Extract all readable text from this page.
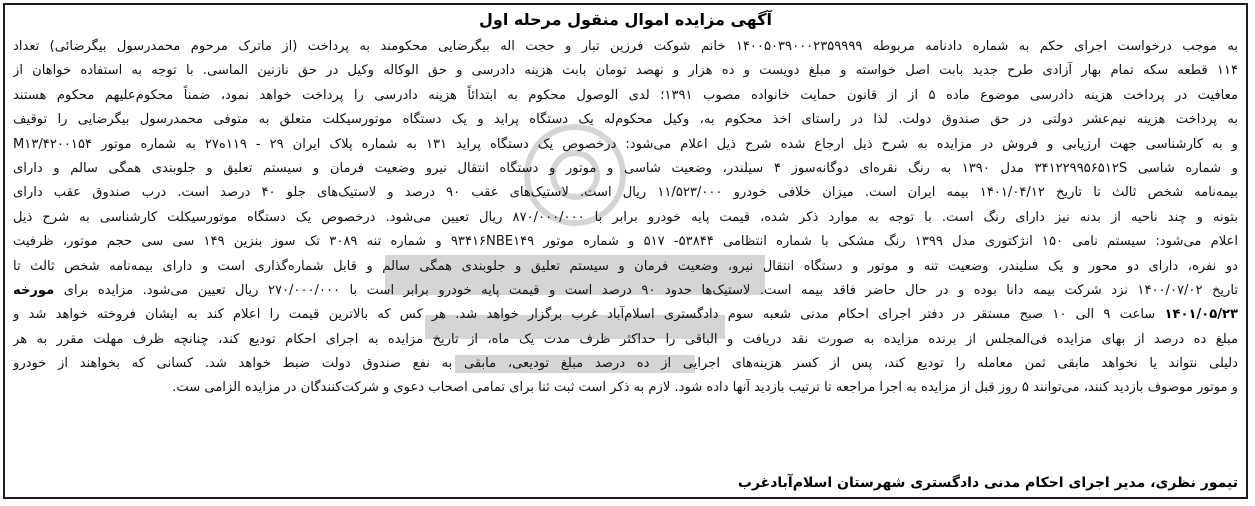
آگهی مزایده اموال منقول مرحله اول
به موجب درخواست اجرای حکم به شماره دادنامه مربوطه ۱۴۰۰۵۰۳۹۰۰۰۲۳۵۹۹۹۹ خانم شوکت فرزین تبار و حجت اله بیگرضایی محکومند به پرداخت (از ماترک مرحوم محمدرسول بیگرضائی) تعداد
۱۱۴ قطعه سکه تمام بهار آزادی طرح جدید بابت اصل خواسته و مبلغ دویست و ده هزار و نهصد تومان بابت هزینه دادرسی و حق الوکاله وکیل در حق نازنین الماسی. با توجه به استفاده خواهان از
معافیت در پرداخت هزینه دادرسی موضوع ماده ۵ از از قانون حمایت خانواده مصوب ۱۳۹۱؛ لدی الوصول محکوم به ابتدائاً هزینه دادرسی را پرداخت خواهد نمود، ضمناً محکوم‌علیهم محکوم هستند
به پرداخت هزینه نیم‌عشر دولتی در حق صندوق دولت. لذا در راستای اخذ محکوم به، وکیل محکوم‌له یک دستگاه پراید و یک دستگاه موتورسیکلت متعلق به متوفی محمدرسول بیگرضایی را توقیف
و به کارشناسی جهت ارزیابی و فروش در مزایده به شرح ذیل ارجاع شده شرح ذیل اعلام می‌شود: درخصوص یک دستگاه پراید ۱۳۱ به شماره پلاک ایران ۲۹ - ۱۱۹ه۲۷ به شماره موتور ۴۲۰۰۱۵۴/M۱۳
و شماره شاسی ۳۴۱۲۲۹۹۵۶۵۱۲S مدل ۱۳۹۰ به رنگ نقره‌ای دوگانه‌سوز ۴ سیلندر، وضعیت شاسی و موتور و دستگاه انتقال نیرو وضعیت فرمان و سیستم تعلیق و جلوبندی همگی سالم و دارای
بیمه‌نامه شخص ثالث تا تاریخ ۱۴۰۱/۰۴/۱۲ بیمه ایران است. میزان خلافی خودرو ۱۱/۵۲۳/۰۰۰ ریال است. لاستیک‌های عقب ۹۰ درصد و لاستیک‌های جلو ۴۰ درصد است. درب صندوق عقب دارای
بتونه و چند ناحیه از بدنه نیز دارای رنگ است. با توجه به موارد ذکر شده، قیمت پایه خودرو برابر با ۸۷۰/۰۰۰/۰۰۰ ریال تعیین می‌شود. درخصوص یک دستگاه موتورسیکلت کارشناسی به شرح ذیل
اعلام می‌شود: سیستم نامی ۱۵۰ انژکتوری مدل ۱۳۹۹ رنگ مشکی با شماره انتظامی ۵۳۸۴۴- ۵۱۷ و شماره موتور ۹۳۴۱۶NBE۱۴۹ و شماره تنه ۳۰۸۹ تک سوز بنزین ۱۴۹ سی سی حجم موتور، ظرفیت
دو نفره، دارای دو محور و یک سلیندر، وضعیت تنه و موتور و دستگاه انتقال نیرو، وضعیت فرمان و سیستم تعلیق و جلوبندی همگی سالم و قابل شماره‌گذاری است و دارای بیمه‌نامه شخص ثالث تا
تاریخ ۱۴۰۰/۰۷/۰۲ نزد شرکت بیمه دانا بوده و در حال حاضر فاقد بیمه است. لاستیک‌ها حدود ۹۰ درصد است و قیمت پایه خودرو برابر است با ۲۷۰/۰۰۰/۰۰۰ ریال تعیین می‌شود. مزایده برای مورخه
۱۴۰۱/۰۵/۲۳ ساعت ۹ الی ۱۰ صبح مستقر در دفتر اجرای احکام مدنی شعبه سوم دادگستری اسلام‌آباد غرب برگزار خواهد شد. هر کس که بالاترین قیمت را اعلام کند به ایشان فروخته خواهد شد و
مبلغ ده درصد از بهای مزایده فی‌المجلس از برنده مزایده به صورت نقد دریافت و الباقی را حداکثر ظرف مدت یک ماه، از تاریخ مزایده به اجرای احکام تودیع کند، چنانچه ظرف مهلت مقرر به هر
دلیلی نتواند یا نخواهد مابقی ثمن معامله را تودیع کند، پس از کسر هزینه‌های اجرایی از ده درصد مبلغ تودیعی، مابقی به نفع صندوق دولت ضبط خواهد شد. کسانی که بخواهند از خودرو
و موتور موصوف بازدید کنند، می‌توانند ۵ روز قبل از مزایده به اجرا مراجعه تا ترتیب بازدید آنها داده شود. لازم به ذکر است ثبت ثنا برای تمامی اصحاب دعوی و شرکت‌کنندگان در مزایده الزامی ست.
تیمور نظری، مدیر اجرای احکام مدنی دادگستری شهرستان اسلام‌آبادغرب
